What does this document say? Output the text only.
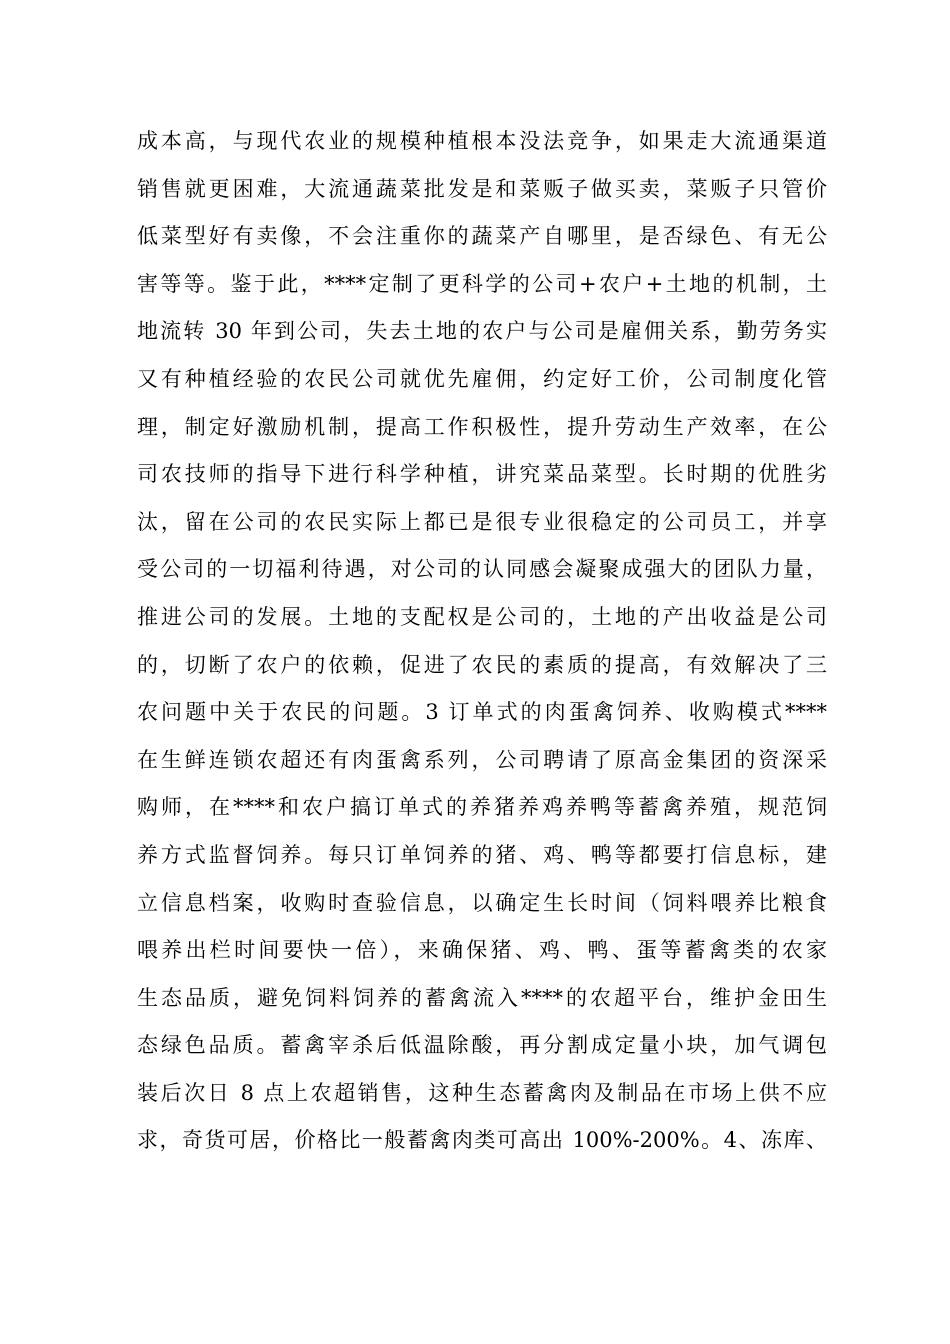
成本高，与现代农业的规模种植根本没法竞争，如果走大流通渠道
销售就更困难，大流通蔬菜批发是和菜贩子做买卖，菜贩子只管价
低菜型好有卖像，不会注重你的蔬菜产自哪里，是否绿色、有无公
害等等。鉴于此，****定制了更科学的公司+农户+土地的机制，土
地流转 30 年到公司，失去土地的农户与公司是雇佣关系，勤劳务实
又有种植经验的农民公司就优先雇佣，约定好工价，公司制度化管
理，制定好激励机制，提高工作积极性，提升劳动生产效率，在公
司农技师的指导下进行科学种植，讲究菜品菜型。长时期的优胜劣
汰，留在公司的农民实际上都已是很专业很稳定的公司员工，并享
受公司的一切福利待遇，对公司的认同感会凝聚成强大的团队力量，
推进公司的发展。土地的支配权是公司的，土地的产出收益是公司
的，切断了农户的依赖，促进了农民的素质的提高，有效解决了三
农问题中关于农民的问题。3 订单式的肉蛋禽饲养、收购模式****
在生鲜连锁农超还有肉蛋禽系列，公司聘请了原高金集团的资深采
购师，在****和农户搞订单式的养猪养鸡养鸭等蓄禽养殖，规范饲
养方式监督饲养。每只订单饲养的猪、鸡、鸭等都要打信息标，建
立信息档案，收购时查验信息，以确定生长时间（饲料喂养比粮食
喂养出栏时间要快一倍），来确保猪、鸡、鸭、蛋等蓄禽类的农家
生态品质，避免饲料饲养的蓄禽流入****的农超平台，维护金田生
态绿色品质。蓄禽宰杀后低温除酸，再分割成定量小块，加气调包
装后次日 8 点上农超销售，这种生态蓄禽肉及制品在市场上供不应
求，奇货可居，价格比一般蓄禽肉类可高出 100%-200%。4、冻库、
